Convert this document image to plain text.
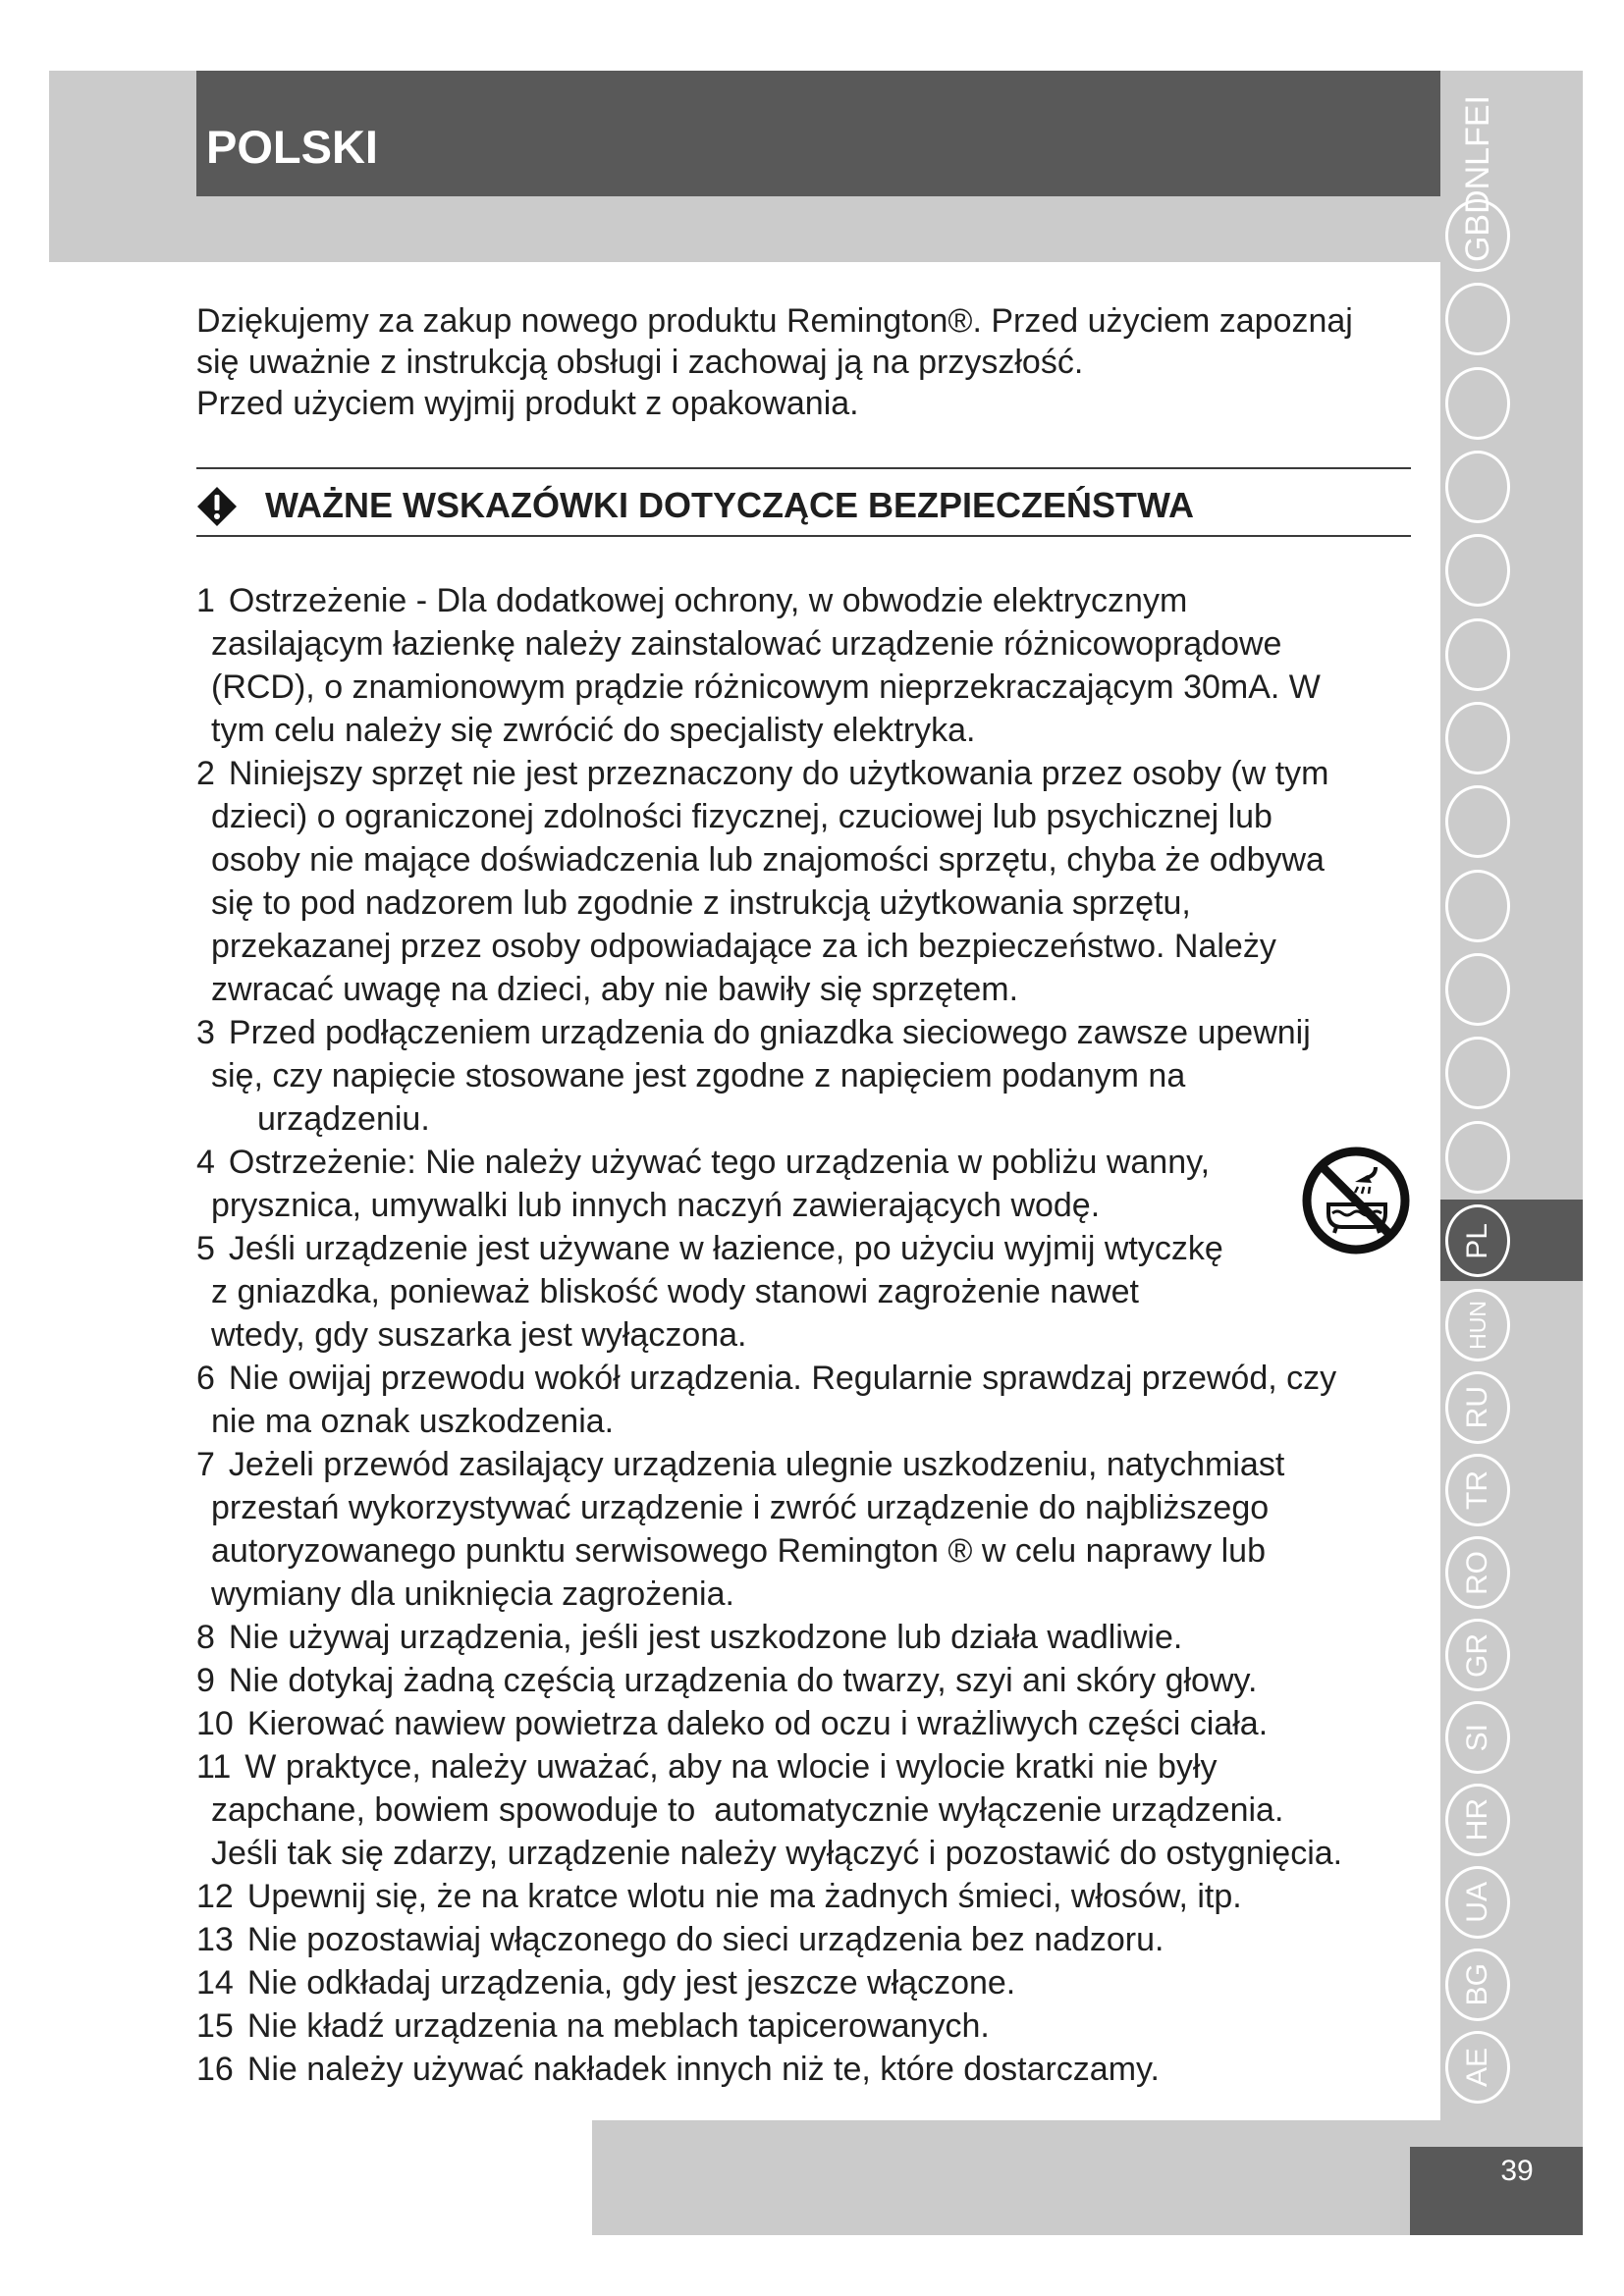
POLSKI	GBDNLFEI
PL
HUN
RU
TR
RO
GR
SI
HR
UA
BG
AE
Dziękujemy za zakup nowego produktu Remington®. Przed użyciem zapoznaj
się uważnie z instrukcją obsługi i zachowaj ją na przyszłość.
Przed użyciem wyjmij produkt z opakowania.
WAŻNE WSKAZÓWKI DOTYCZĄCE BEZPIECZEŃSTWA
1 Ostrzeżenie - Dla dodatkowej ochrony, w obwodzie elektrycznym
zasilającym łazienkę należy zainstalować urządzenie różnicowoprądowe
(RCD), o znamionowym prądzie różnicowym nieprzekraczającym 30mA. W
tym celu należy się zwrócić do specjalisty elektryka.
2 Niniejszy sprzęt nie jest przeznaczony do użytkowania przez osoby (w tym
dzieci) o ograniczonej zdolności fizycznej, czuciowej lub psychicznej lub
osoby nie mające doświadczenia lub znajomości sprzętu, chyba że odbywa
się to pod nadzorem lub zgodnie z instrukcją użytkowania sprzętu,
przekazanej przez osoby odpowiadające za ich bezpieczeństwo. Należy
zwracać uwagę na dzieci, aby nie bawiły się sprzętem.
3 Przed podłączeniem urządzenia do gniazdka sieciowego zawsze upewnij
się, czy napięcie stosowane jest zgodne z napięciem podanym na
urządzeniu.
4 Ostrzeżenie: Nie należy używać tego urządzenia w pobliżu wanny,
prysznica, umywalki lub innych naczyń zawierających wodę.
5 Jeśli urządzenie jest używane w łazience, po użyciu wyjmij wtyczkę
z gniazdka, ponieważ bliskość wody stanowi zagrożenie nawet
wtedy, gdy suszarka jest wyłączona.
6 Nie owijaj przewodu wokół urządzenia. Regularnie sprawdzaj przewód, czy
nie ma oznak uszkodzenia.
7 Jeżeli przewód zasilający urządzenia ulegnie uszkodzeniu, natychmiast
przestań wykorzystywać urządzenie i zwróć urządzenie do najbliższego
autoryzowanego punktu serwisowego Remington ® w celu naprawy lub
wymiany dla uniknięcia zagrożenia.
8 Nie używaj urządzenia, jeśli jest uszkodzone lub działa wadliwie.
9 Nie dotykaj żadną częścią urządzenia do twarzy, szyi ani skóry głowy.
10 Kierować nawiew powietrza daleko od oczu i wrażliwych części ciała.
11 W praktyce, należy uważać, aby na wlocie i wylocie kratki nie były
zapchane, bowiem spowoduje to  automatycznie wyłączenie urządzenia.
Jeśli tak się zdarzy, urządzenie należy wyłączyć i pozostawić do ostygnięcia.
12 Upewnij się, że na kratce wlotu nie ma żadnych śmieci, włosów, itp.
13 Nie pozostawiaj włączonego do sieci urządzenia bez nadzoru.
14 Nie odkładaj urządzenia, gdy jest jeszcze włączone.
15 Nie kładź urządzenia na meblach tapicerowanych.
16 Nie należy używać nakładek innych niż te, które dostarczamy.
39
